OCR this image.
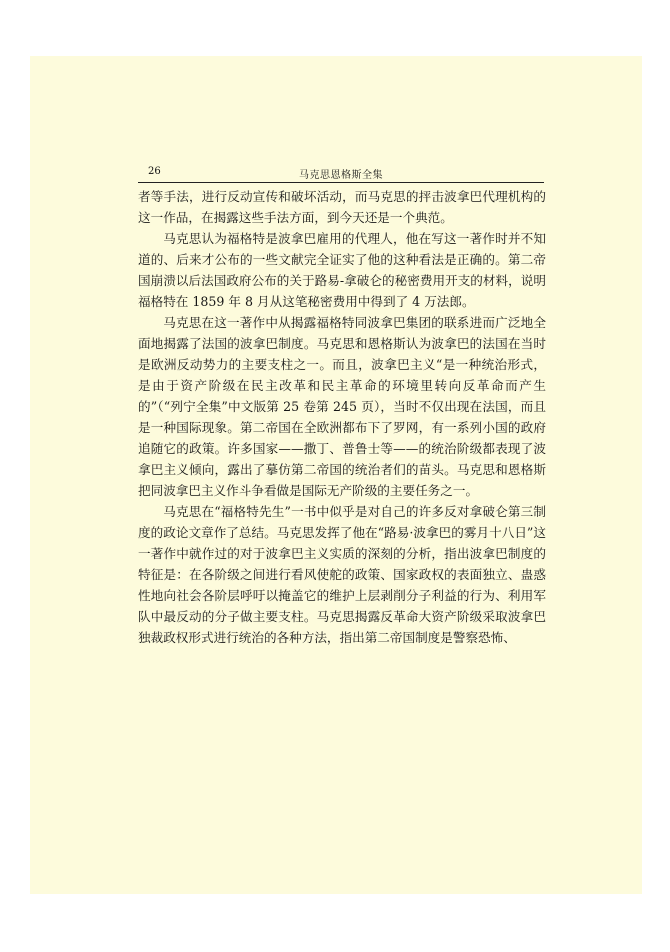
26	马克思恩格斯全集

者等手法，进行反动宣传和破坏活动，而马克思的抨击波拿巴代理机构的这一作品，在揭露这些手法方面，到今天还是一个典范。

马克思认为福格特是波拿巴雇用的代理人，他在写这一著作时并不知道的、后来才公布的一些文献完全证实了他的这种看法是正确的。第二帝国崩溃以后法国政府公布的关于路易-拿破仑的秘密费用开支的材料，说明福格特在 1859 年 8 月从这笔秘密费用中得到了 4 万法郎。

马克思在这一著作中从揭露福格特同波拿巴集团的联系进而广泛地全面地揭露了法国的波拿巴制度。马克思和恩格斯认为波拿巴的法国在当时是欧洲反动势力的主要支柱之一。而且，波拿巴主义“是一种统治形式，是由于资产阶级在民主改革和民主革命的环境里转向反革命而产生的”（“列宁全集”中文版第 25 卷第 245 页），当时不仅出现在法国，而且是一种国际现象。第二帝国在全欧洲都布下了罗网，有一系列小国的政府追随它的政策。许多国家——撒丁、普鲁士等——的统治阶级都表现了波拿巴主义倾向，露出了摹仿第二帝国的统治者们的苗头。马克思和恩格斯把同波拿巴主义作斗争看做是国际无产阶级的主要任务之一。

马克思在“福格特先生”一书中似乎是对自己的许多反对拿破仑第三制度的政论文章作了总结。马克思发挥了他在“路易·波拿巴的雾月十八日”这一著作中就作过的对于波拿巴主义实质的深刻的分析，指出波拿巴制度的特征是：在各阶级之间进行看风使舵的政策、国家政权的表面独立、蛊惑性地向社会各阶层呼吁以掩盖它的维护上层剥削分子利益的行为、利用军队中最反动的分子做主要支柱。马克思揭露反革命大资产阶级采取波拿巴独裁政权形式进行统治的各种方法，指出第二帝国制度是警察恐怖、
